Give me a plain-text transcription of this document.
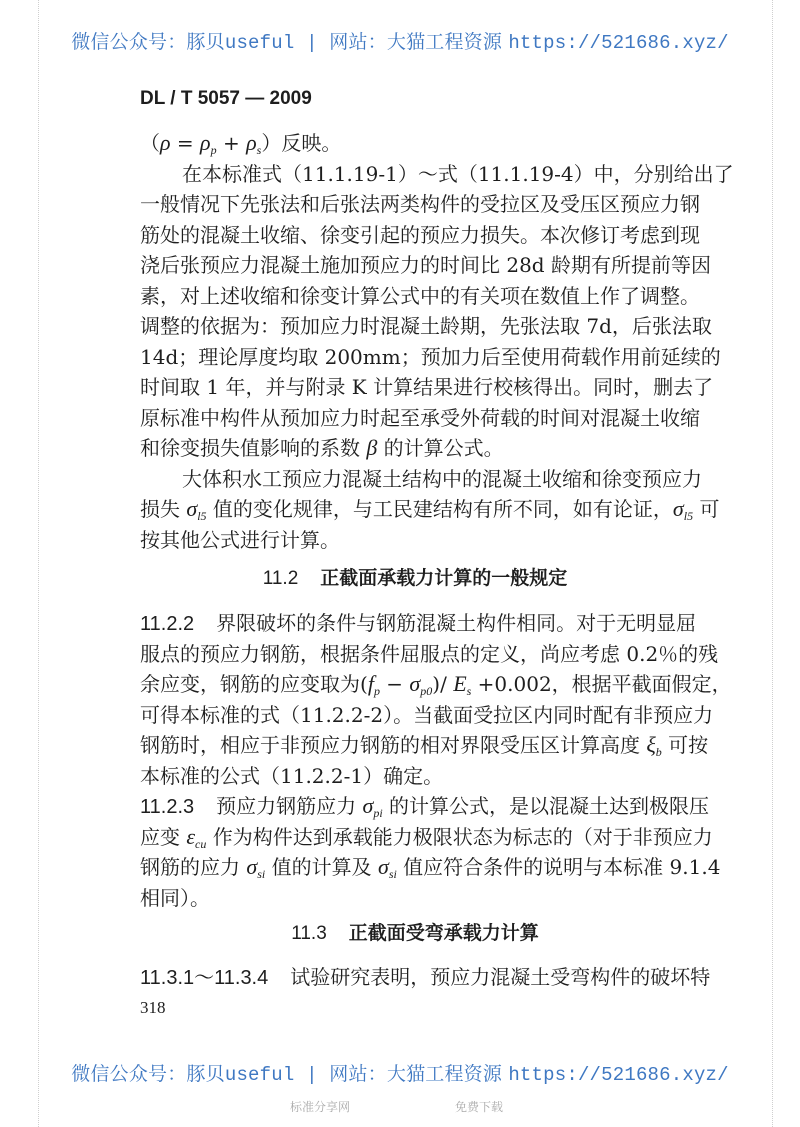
微信公众号：豚贝useful | 网站：大猫工程资源 https://521686.xyz/
DL / T 5057 — 2009
$(\rho = \rho_p + \rho_s)$反映。
在本标准式（11.1.19-1）～式（11.1.19-4）中，分别给出了
一般情况下先张法和后张法两类构件的受拉区及受压区预应力钢
筋处的混凝土收缩、徐变引起的预应力损失。本次修订考虑到现
浇后张预应力混凝土施加预应力的时间比 28d 龄期有所提前等因
素，对上述收缩和徐变计算公式中的有关项在数值上作了调整。
调整的依据为：预加应力时混凝土龄期，先张法取 7d，后张法取
14d；理论厚度均取 200mm；预加力后至使用荷载作用前延续的
时间取 1 年，并与附录 K 计算结果进行校核得出。同时，删去了
原标准中构件从预加应力时起至承受外荷载的时间对混凝土收缩
和徐变损失值影响的系数 β 的计算公式。
大体积水工预应力混凝土结构中的混凝土收缩和徐变预应力
损失 $\sigma_{l5}$ 值的变化规律，与工民建结构有所不同，如有论证，$\sigma_{l5}$ 可
按其他公式进行计算。
11.2 正截面承载力计算的一般规定
11.2.2 界限破坏的条件与钢筋混凝土构件相同。对于无明显屈
服点的预应力钢筋，根据条件屈服点的定义，尚应考虑 0.2％的残
余应变，钢筋的应变取为$(f_p - \sigma_{p0})/$ $E_s +0.002$，根据平截面假定，
可得本标准的式（11.2.2-2）。当截面受拉区内同时配有非预应力
钢筋时，相应于非预应力钢筋的相对界限受压区计算高度 $\xi_b$ 可按
本标准的公式（11.2.2-1）确定。
11.2.3 预应力钢筋应力 $\sigma_{pi}$ 的计算公式，是以混凝土达到极限压
应变 $\varepsilon_{cu}$ 作为构件达到承载能力极限状态为标志的（对于非预应力
钢筋的应力 $\sigma_{si}$ 值的计算及 $\sigma_{si}$ 值应符合条件的说明与本标准 9.1.4
相同）。
11.3 正截面受弯承载力计算
11.3.1～11.3.4 试验研究表明，预应力混凝土受弯构件的破坏特
318
微信公众号：豚贝useful | 网站：大猫工程资源 https://521686.xyz/
标准分享网	免费下载
